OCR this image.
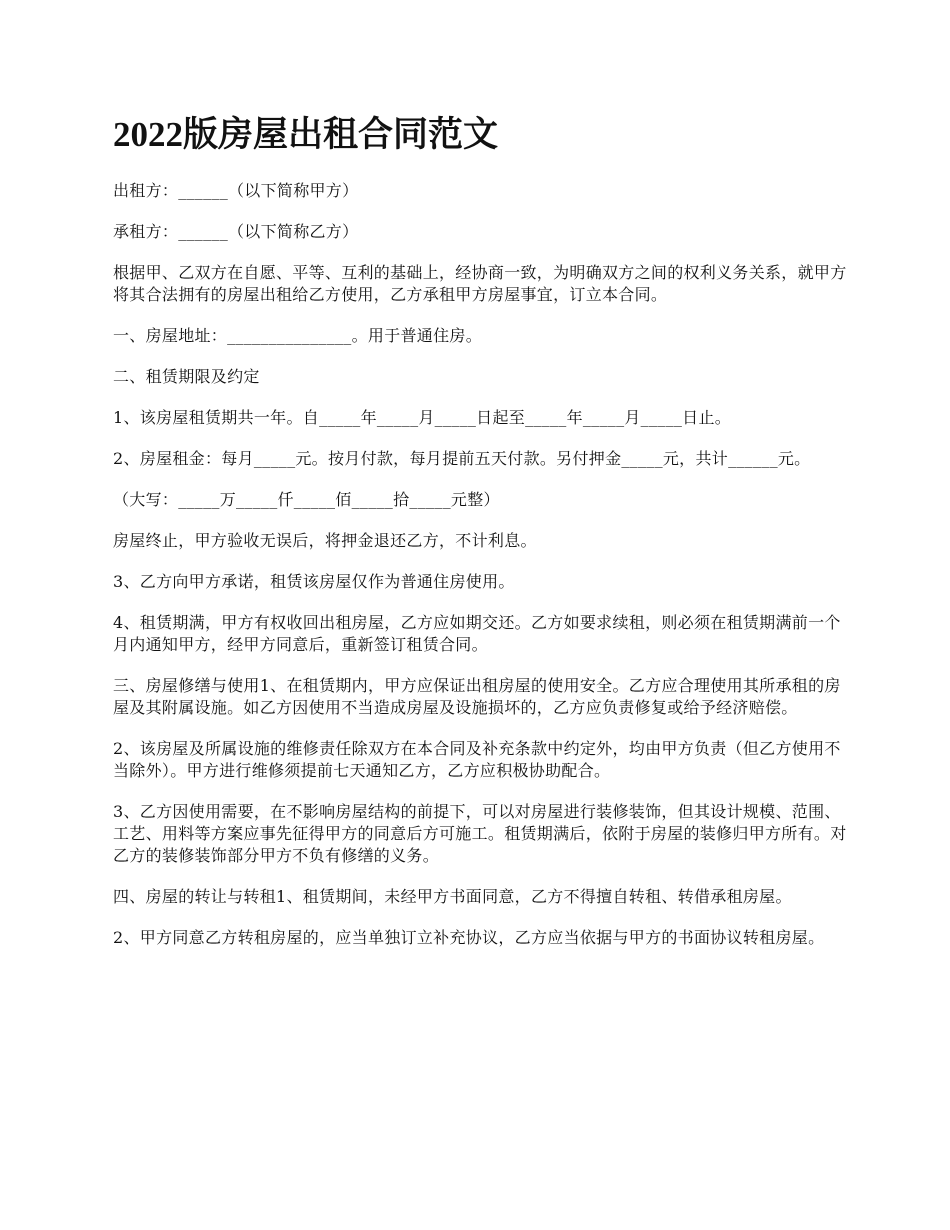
2022版房屋出租合同范文

出租方：______（以下简称甲方）

承租方：______（以下简称乙方）

根据甲、乙双方在自愿、平等、互利的基础上，经协商一致，为明确双方之间的权利义务关系，就甲方将其合法拥有的房屋出租给乙方使用，乙方承租甲方房屋事宜，订立本合同。

一、房屋地址：_______________。用于普通住房。

二、租赁期限及约定

1、该房屋租赁期共一年。自_____年_____月_____日起至_____年_____月_____日止。

2、房屋租金：每月_____元。按月付款，每月提前五天付款。另付押金_____元，共计______元。

（大写：_____万_____仟_____佰_____拾_____元整）

房屋终止，甲方验收无误后，将押金退还乙方，不计利息。

3、乙方向甲方承诺，租赁该房屋仅作为普通住房使用。

4、租赁期满，甲方有权收回出租房屋，乙方应如期交还。乙方如要求续租，则必须在租赁期满前一个月内通知甲方，经甲方同意后，重新签订租赁合同。

三、房屋修缮与使用1、在租赁期内，甲方应保证出租房屋的使用安全。乙方应合理使用其所承租的房屋及其附属设施。如乙方因使用不当造成房屋及设施损坏的，乙方应负责修复或给予经济赔偿。

2、该房屋及所属设施的维修责任除双方在本合同及补充条款中约定外，均由甲方负责（但乙方使用不当除外）。甲方进行维修须提前七天通知乙方，乙方应积极协助配合。

3、乙方因使用需要，在不影响房屋结构的前提下，可以对房屋进行装修装饰，但其设计规模、范围、工艺、用料等方案应事先征得甲方的同意后方可施工。租赁期满后，依附于房屋的装修归甲方所有。对乙方的装修装饰部分甲方不负有修缮的义务。

四、房屋的转让与转租1、租赁期间，未经甲方书面同意，乙方不得擅自转租、转借承租房屋。

2、甲方同意乙方转租房屋的，应当单独订立补充协议，乙方应当依据与甲方的书面协议转租房屋。
